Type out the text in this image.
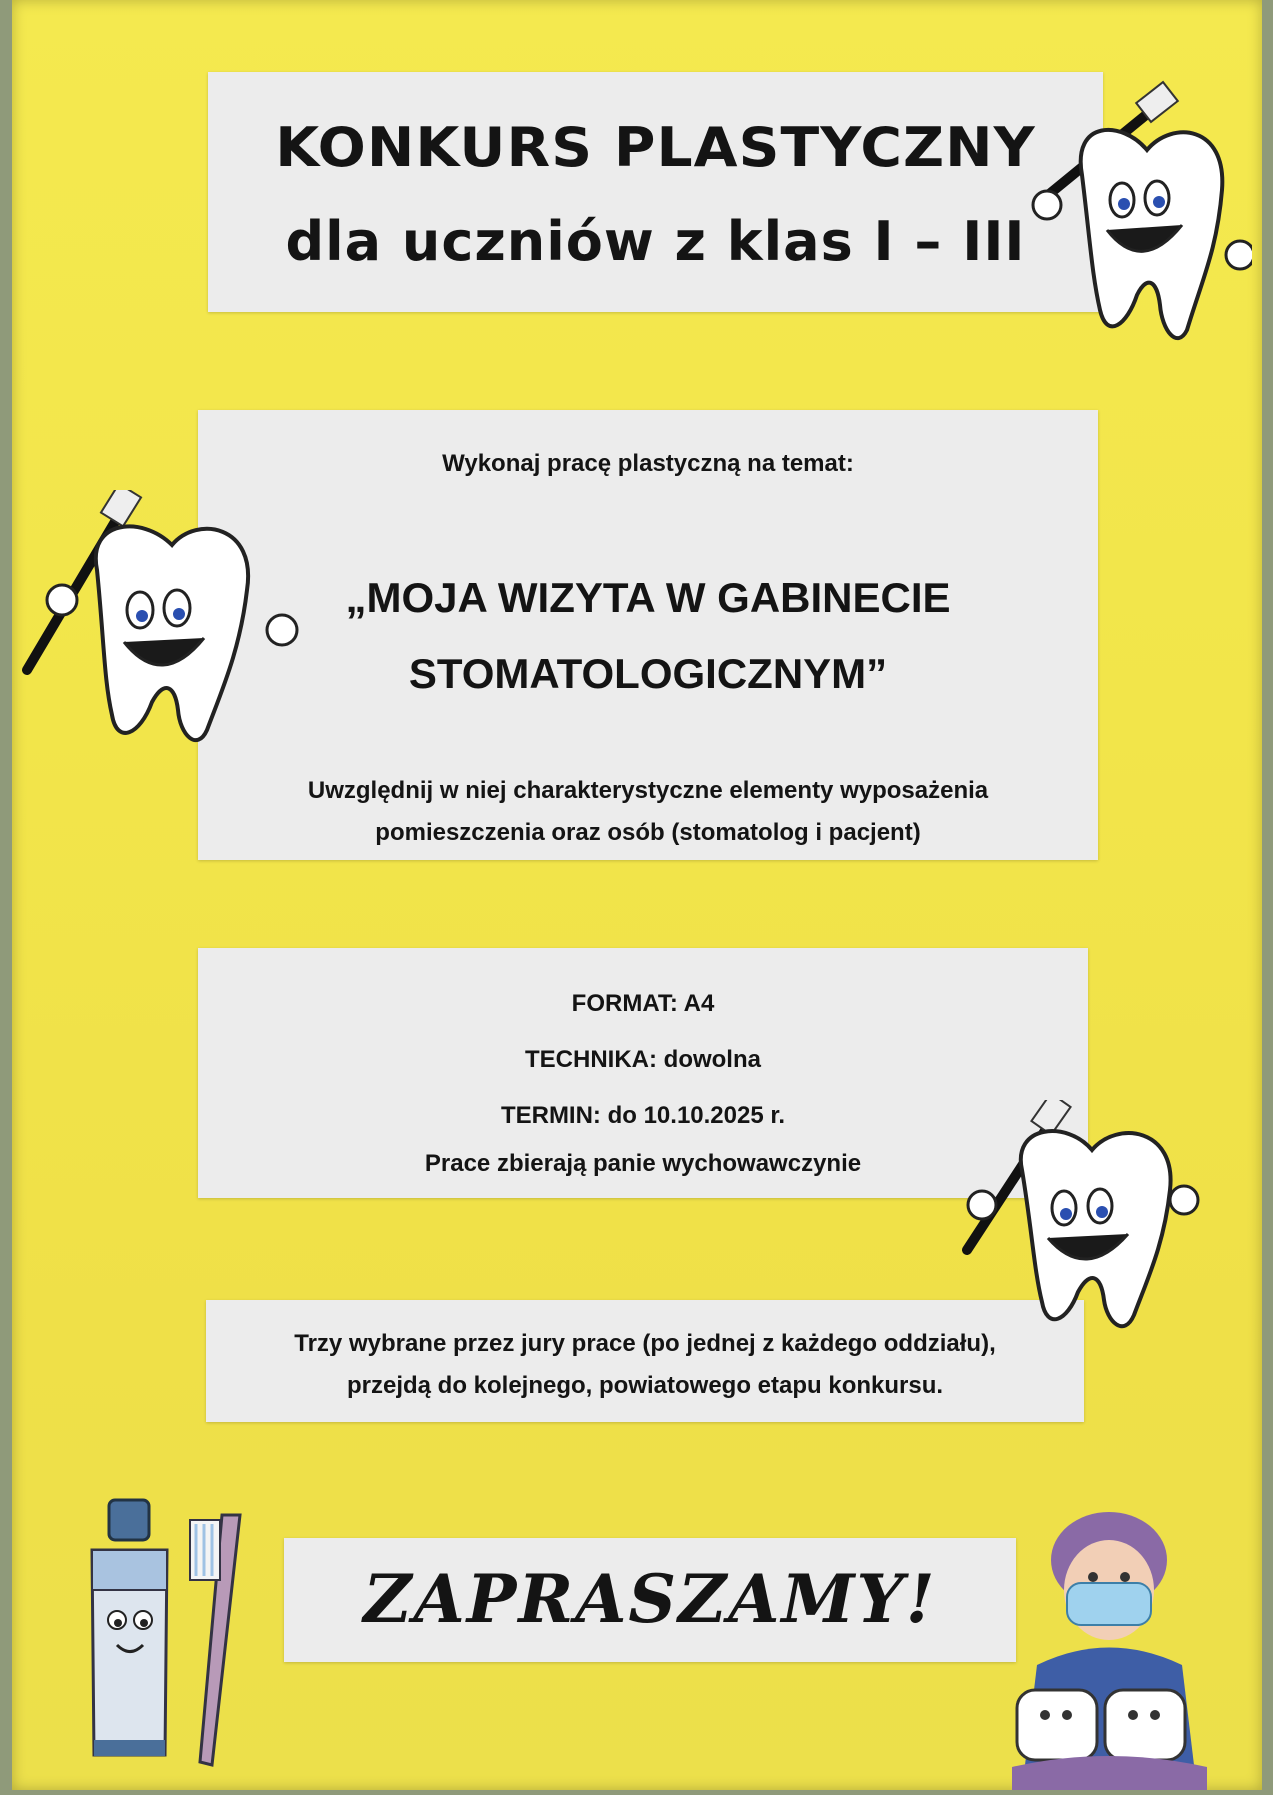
KONKURS PLASTYCZNY
dla uczniów z klas I – III
Wykonaj pracę plastyczną na temat:
„MOJA WIZYTA W GABINECIE
STOMATOLOGICZNYM”
Uwzględnij w niej charakterystyczne elementy wyposażenia
pomieszczenia oraz osób (stomatolog i pacjent)
FORMAT: A4
TECHNIKA: dowolna
TERMIN: do 10.10.2025 r.
Prace zbierają panie wychowawczynie
Trzy wybrane przez jury prace (po jednej z każdego oddziału),
przejdą do kolejnego, powiatowego etapu konkursu.
ZAPRASZAMY!
